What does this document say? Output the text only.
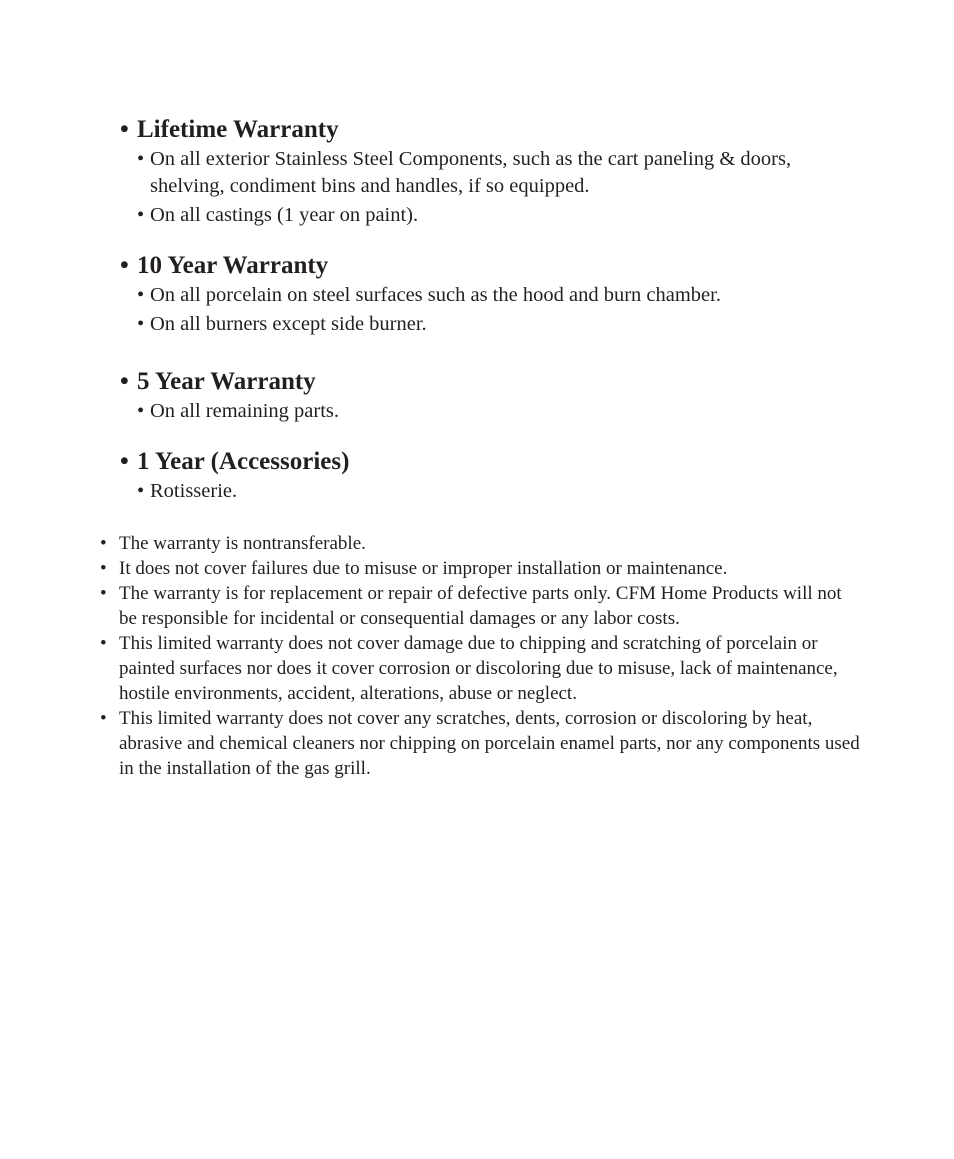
• Lifetime Warranty
• On all exterior Stainless Steel Components, such as the cart paneling & doors, shelving, condiment bins and handles, if so equipped.
• On all castings (1 year on paint).
• 10 Year Warranty
• On all porcelain on steel surfaces such as the hood and burn chamber.
• On all burners except side burner.
• 5 Year Warranty
• On all remaining parts.
• 1 Year (Accessories)
• Rotisserie.
• The warranty is nontransferable.
• It does not cover failures due to misuse or improper installation or maintenance.
• The warranty is for replacement or repair of defective parts only. CFM Home Products will not be responsible for incidental or consequential damages or any labor costs.
• This limited warranty does not cover damage due to chipping and scratching of porcelain or painted surfaces nor does it cover corrosion or discoloring due to misuse, lack of maintenance, hostile environments, accident, alterations, abuse or neglect.
• This limited warranty does not cover any scratches, dents, corrosion or discoloring by heat, abrasive and chemical cleaners nor chipping on porcelain enamel parts, nor any components used in the installation of the gas grill.
